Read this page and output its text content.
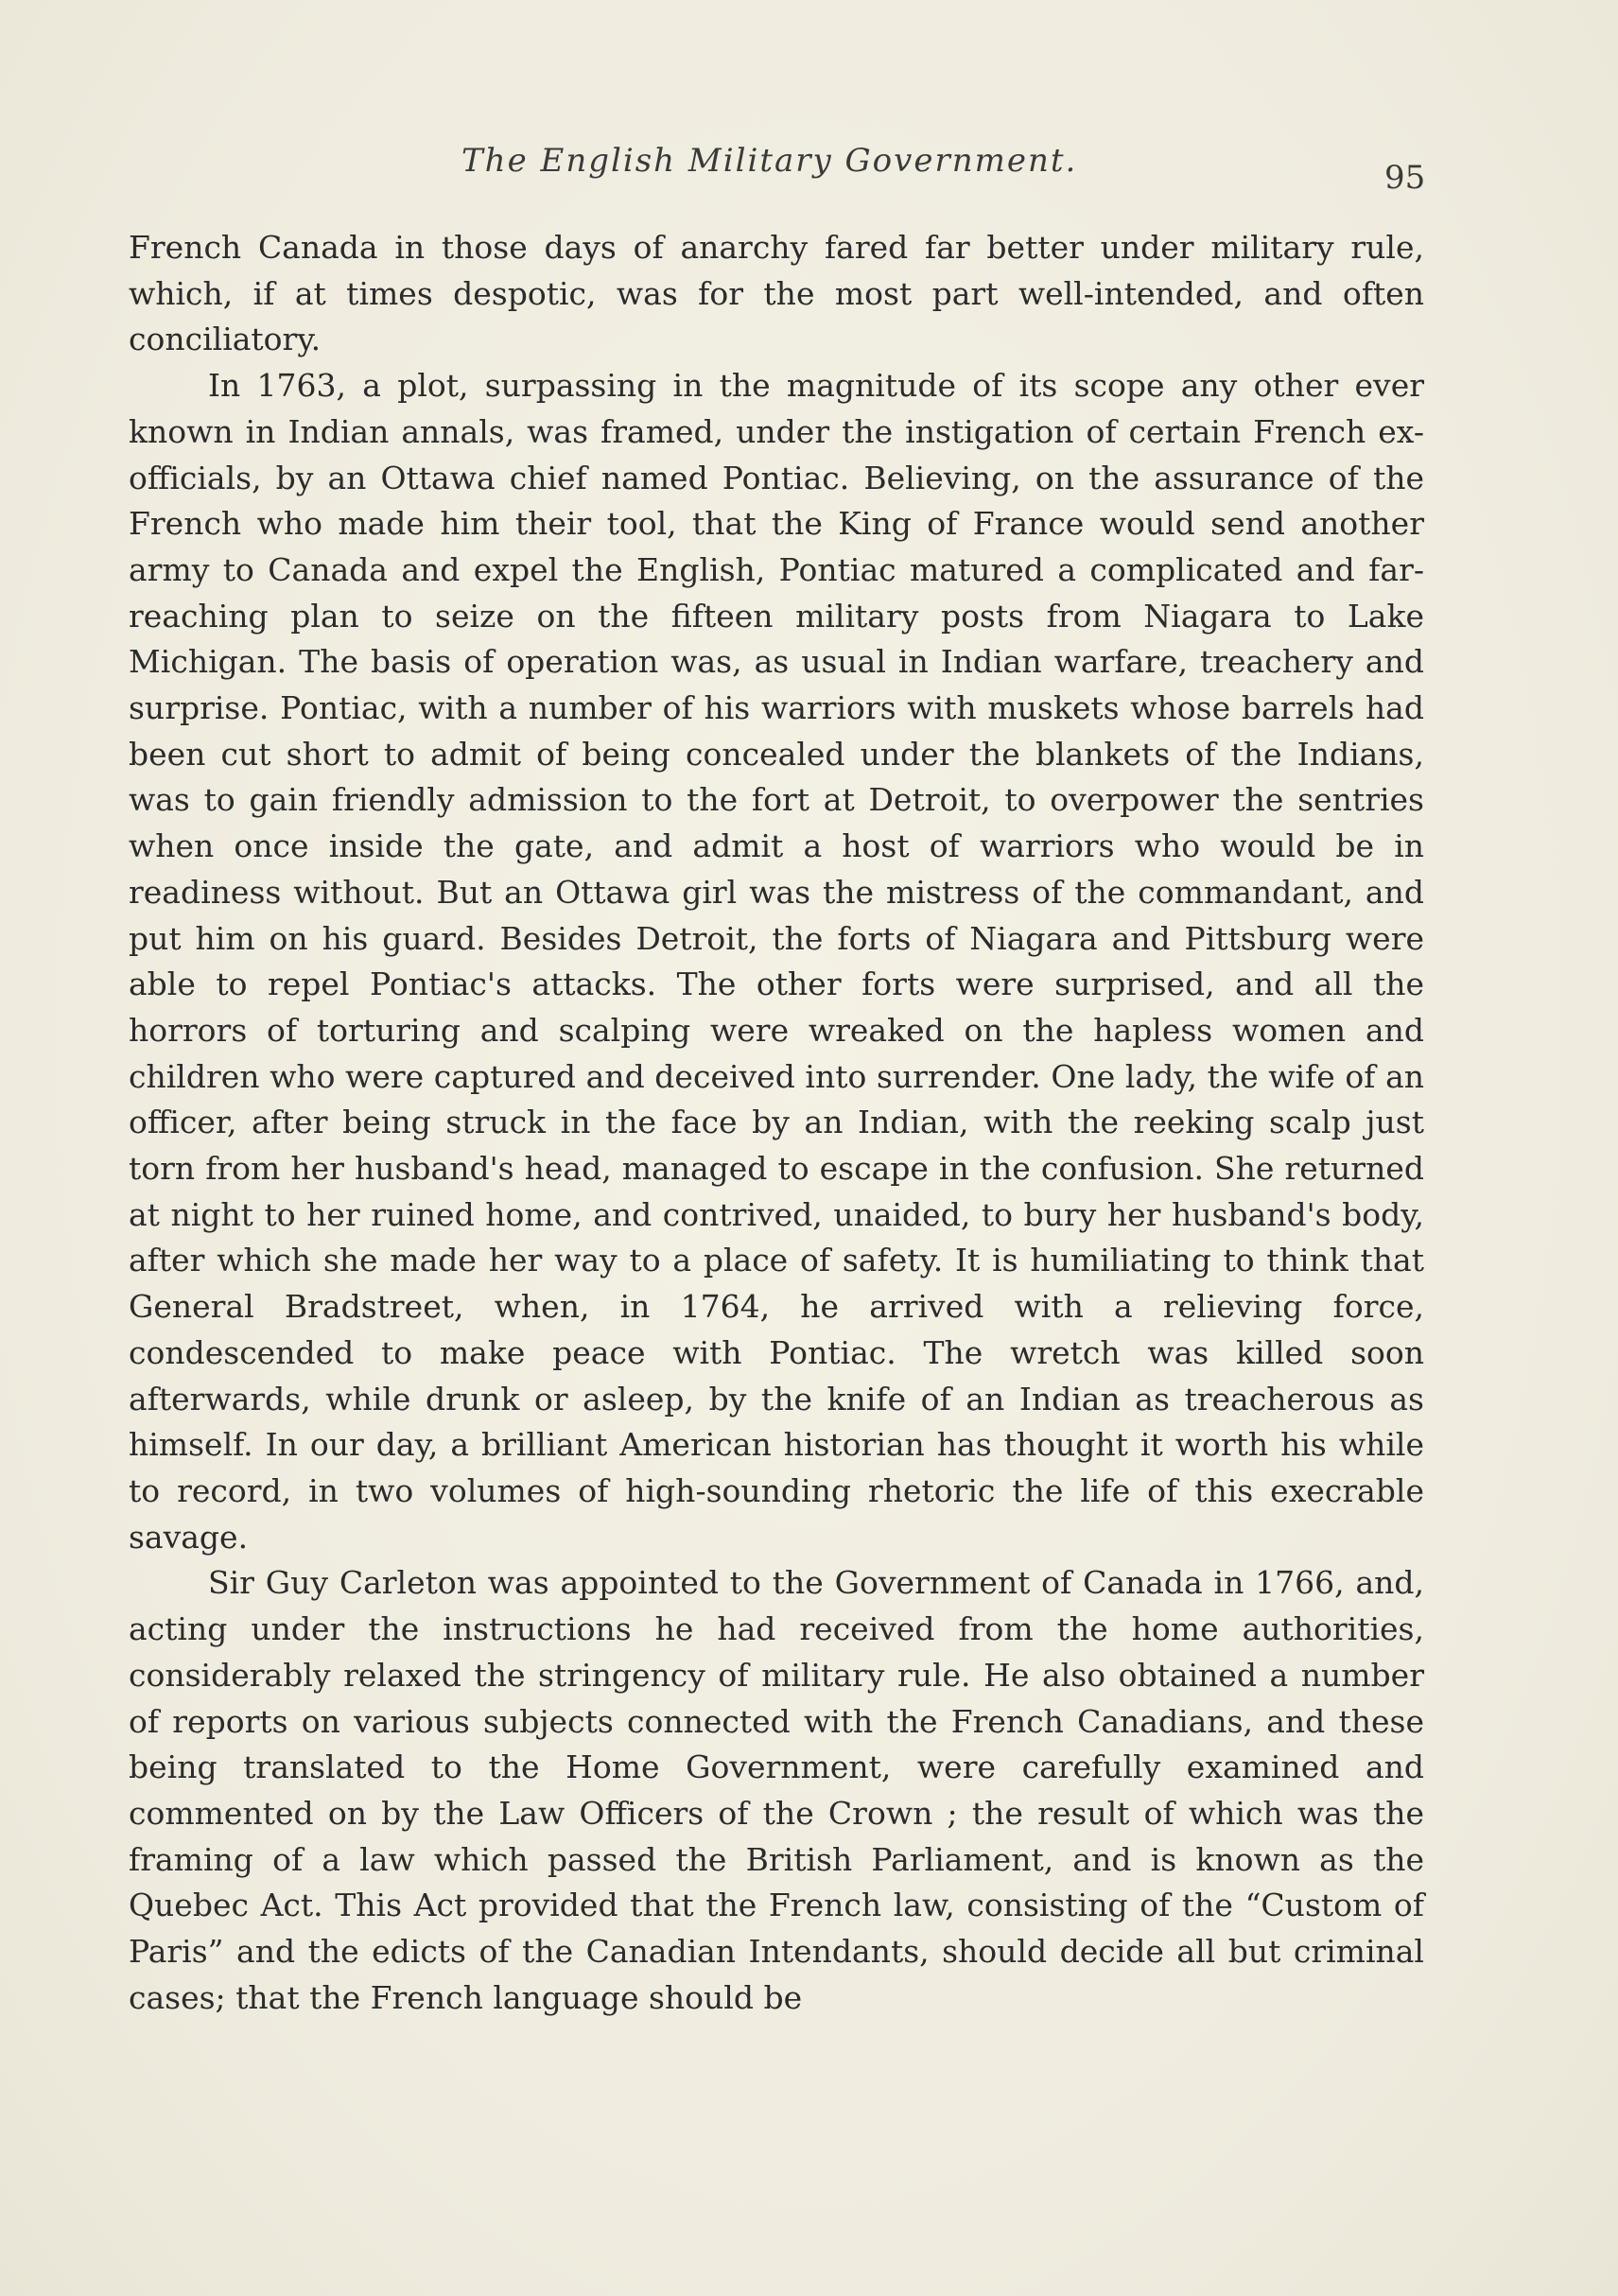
The English Military Government.	95

French Canada in those days of anarchy fared far better under military rule, which, if at times despotic, was for the most part well-intended, and often conciliatory.

In 1763, a plot, surpassing in the magnitude of its scope any other ever known in Indian annals, was framed, under the instigation of certain French ex-officials, by an Ottawa chief named Pontiac. Believing, on the assurance of the French who made him their tool, that the King of France would send another army to Canada and expel the English, Pontiac matured a complicated and far-reaching plan to seize on the fifteen military posts from Niagara to Lake Michigan. The basis of operation was, as usual in Indian warfare, treachery and surprise. Pontiac, with a number of his warriors with muskets whose barrels had been cut short to admit of being concealed under the blankets of the Indians, was to gain friendly admission to the fort at Detroit, to overpower the sentries when once inside the gate, and admit a host of warriors who would be in readiness without. But an Ottawa girl was the mistress of the commandant, and put him on his guard. Besides Detroit, the forts of Niagara and Pittsburg were able to repel Pontiac's attacks. The other forts were surprised, and all the horrors of torturing and scalping were wreaked on the hapless women and children who were captured and deceived into surrender. One lady, the wife of an officer, after being struck in the face by an Indian, with the reeking scalp just torn from her husband's head, managed to escape in the confusion. She returned at night to her ruined home, and contrived, unaided, to bury her husband's body, after which she made her way to a place of safety. It is humiliating to think that General Bradstreet, when, in 1764, he arrived with a relieving force, condescended to make peace with Pontiac. The wretch was killed soon afterwards, while drunk or asleep, by the knife of an Indian as treacherous as himself. In our day, a brilliant American historian has thought it worth his while to record, in two volumes of high-sounding rhetoric the life of this execrable savage.

Sir Guy Carleton was appointed to the Government of Canada in 1766, and, acting under the instructions he had received from the home authorities, considerably relaxed the stringency of military rule. He also obtained a number of reports on various subjects connected with the French Canadians, and these being translated to the Home Government, were carefully examined and commented on by the Law Officers of the Crown ; the result of which was the framing of a law which passed the British Parliament, and is known as the Quebec Act. This Act provided that the French law, consisting of the “Custom of Paris” and the edicts of the Canadian Intendants, should decide all but criminal cases; that the French language should be
